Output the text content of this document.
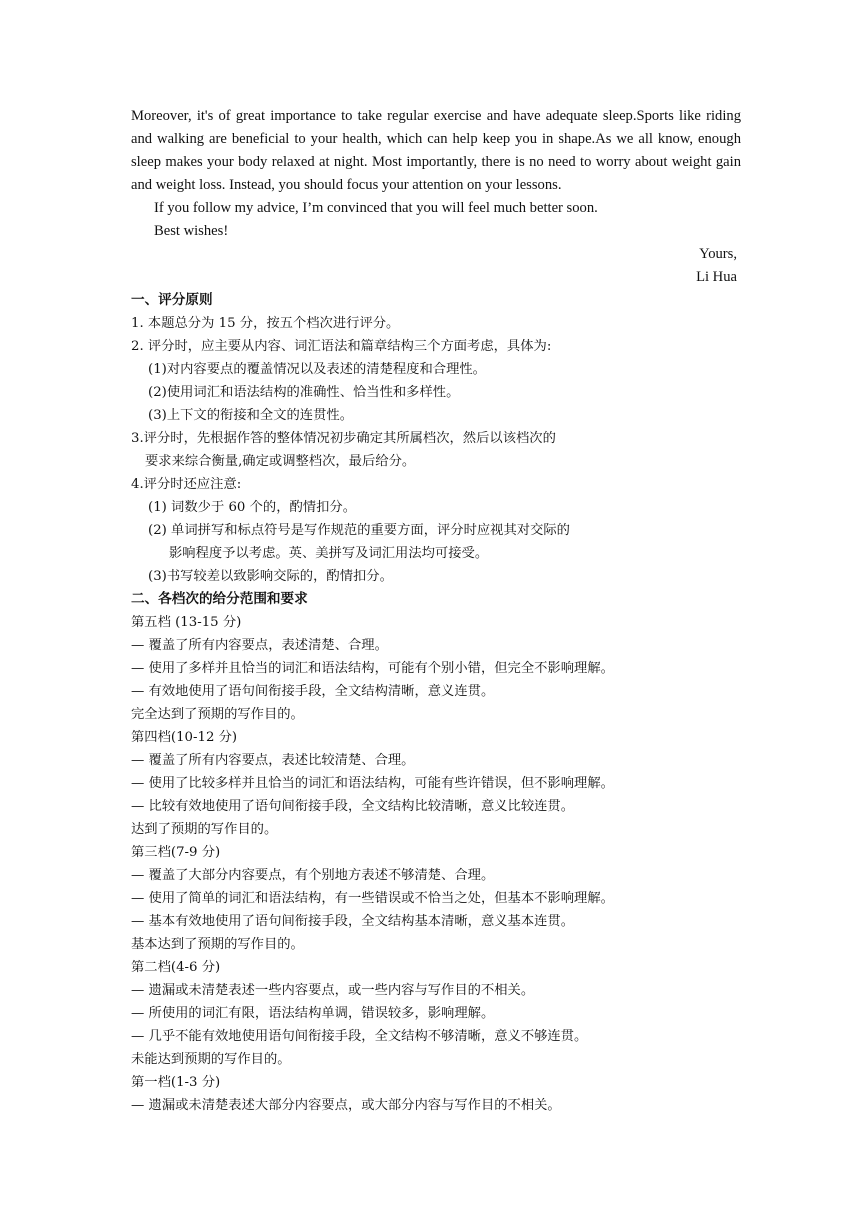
Moreover, it's of great importance to take regular exercise and have adequate sleep.Sports like riding and walking are beneficial to your health, which can help keep you in shape.As we all know, enough sleep makes your body relaxed at night. Most importantly, there is no need to worry about weight gain and weight loss. Instead, you should focus your attention on your lessons.

If you follow my advice, I’m convinced that you will feel much better soon.

Best wishes!

Yours,

Li Hua

一、评分原则

1. 本题总分为 15 分，按五个档次进行评分。

2. 评分时，应主要从内容、词汇语法和篇章结构三个方面考虑，具体为:

(1)对内容要点的覆盖情况以及表述的清楚程度和合理性。

(2)使用词汇和语法结构的准确性、恰当性和多样性。

(3)上下文的衔接和全文的连贯性。

3.评分时，先根据作答的整体情况初步确定其所属档次，然后以该档次的

要求来综合衡量,确定或调整档次，最后给分。

4.评分时还应注意:

(1) 词数少于 60 个的，酌情扣分。

(2) 单词拼写和标点符号是写作规范的重要方面，评分时应视其对交际的

影响程度予以考虑。英、美拼写及词汇用法均可接受。

(3)书写较差以致影响交际的，酌情扣分。

二、各档次的给分范围和要求

第五档 (13-15 分)

— 覆盖了所有内容要点，表述清楚、合理。

— 使用了多样并且恰当的词汇和语法结构，可能有个别小错，但完全不影响理解。

— 有效地使用了语句间衔接手段，全文结构清晰，意义连贯。

完全达到了预期的写作目的。

第四档(10-12 分)

— 覆盖了所有内容要点，表述比较清楚、合理。

— 使用了比较多样并且恰当的词汇和语法结构，可能有些许错误，但不影响理解。

— 比较有效地使用了语句间衔接手段，全文结构比较清晰，意义比较连贯。

达到了预期的写作目的。

第三档(7-9 分)

— 覆盖了大部分内容要点，有个别地方表述不够清楚、合理。

— 使用了简单的词汇和语法结构，有一些错误或不恰当之处，但基本不影响理解。

— 基本有效地使用了语句间衔接手段，全文结构基本清晰，意义基本连贯。

基本达到了预期的写作目的。

第二档(4-6 分)

— 遗漏或未清楚表述一些内容要点，或一些内容与写作目的不相关。

— 所使用的词汇有限，语法结构单调，错误较多，影响理解。

— 几乎不能有效地使用语句间衔接手段，全文结构不够清晰，意义不够连贯。

未能达到预期的写作目的。

第一档(1-3 分)

— 遗漏或未清楚表述大部分内容要点，或大部分内容与写作目的不相关。
